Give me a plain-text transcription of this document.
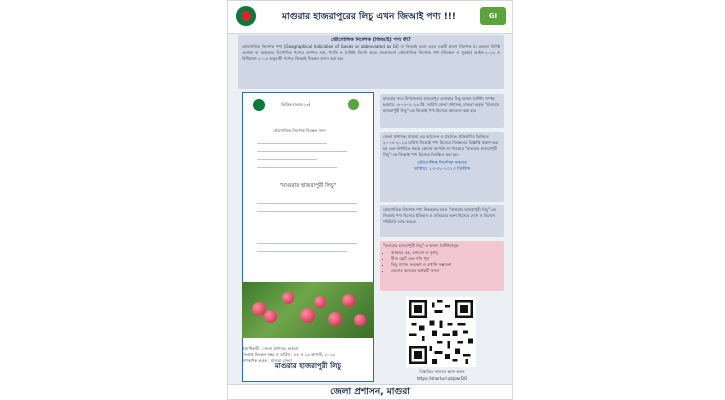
মাগুরার হাজরাপুরের লিচু এখন জিআই পণ্য !!!	GI
ভৌগোলিক নির্দেশক (জিআই) পণ্য কী?
ভৌগোলিক নির্দেশক পণ্য (Geographical Indication of Goods or abbreviated as GI) বা জিআই হলো এমন একটি প্রমাণ নির্দেশক যা কোনো নির্দিষ্ট এলাকা বা অঞ্চলের উৎপাদিত পণ্যের গুণগত মান, খ্যাতি ও বৈশিষ্ট্য নির্দেশ করে। বাংলাদেশে ভৌগোলিক নির্দেশক পণ্য (নিবন্ধন ও সুরক্ষা) আইন-২০১৩ ও বিধিমালা-২০১৫ অনুযায়ী পণ্যের জিআই নিবন্ধন প্রদান করা হয়।
ভিত্তিক (ফরম-২৩)
ভৌগোলিক নির্দেশক নিবন্ধন সনদ
"মাগুরার হাজরাপুরী লিচু"
মাগুরার হাজরাপুরী লিচু
স্বত্বাধিকারী : জেলা প্রশাসন, মাগুরা
জিআই নিবন্ধন নম্বর ও তারিখ : ৪৫ ও ২৩ আগস্ট, ২০২৩
উপস্থাপক কর্তৃক : মাগুরা জেলা

মাগুরার সদর উপজেলার হাজরাপুর এলাকার লিচু অনন্য বৈশিষ্ট্য সম্পন্ন হওয়ায় ০৮-০৮-২০২৩ খ্রি. তারিখ জেলা প্রশাসক, মাগুরা কর্তৃক "মাগুরার হাজরাপুরী লিচু"-কে জিআই পণ্য হিসেবে আবেদন করা হয়।

জেলা প্রশাসক, মাগুরা এর আবেদন ও প্রচলিত প্রক্রিয়াদির ভিত্তিতে ২০-০৮-২০২৩ তারিখ জিআই পণ্য হিসেবে নিবন্ধনের বিজ্ঞপ্তি প্রকাশ করা হয় এবং নির্ধারিত সময়ে কোনো আপত্তি না পাওয়ায় "মাগুরার হাজরাপুরী লিচু"-কে জিআই পণ্য হিসেবে নিবন্ধিত করা হয়।

ভৌগোলিক নির্দেশক সনদের
তারিখঃ ২৩-০৮-২০২৩ খ্রিস্টাব্দ

ভৌগোলিক নির্দেশক পণ্য নিবন্ধনের ফলে "মাগুরার হাজরাপুরী লিচু"-কে জিআই পণ্য হিসেবে ইতিহাস ও ঐতিহ্যের অংশ হিসেবে দেশে ও বিদেশে পরিচিতি লাভ করবে।

"মাগুরার হাজরাপুরী লিচু"-র অনন্য বৈশিষ্ট্যসমূহ-

• আকারে বড়, রসালো ও সুস্বাদু
• বীজ ছোট এবং শাঁস পুরু
• লিচু বাগান সংরক্ষণ ও রপ্তানি সম্ভাবনা
• জেলার অন্যতম অর্থকরী ফসল
বিস্তারিত জানতে স্ক্যান করুন
https://shorturl.at/pwrDO
জেলা প্রশাসন, মাগুরা
